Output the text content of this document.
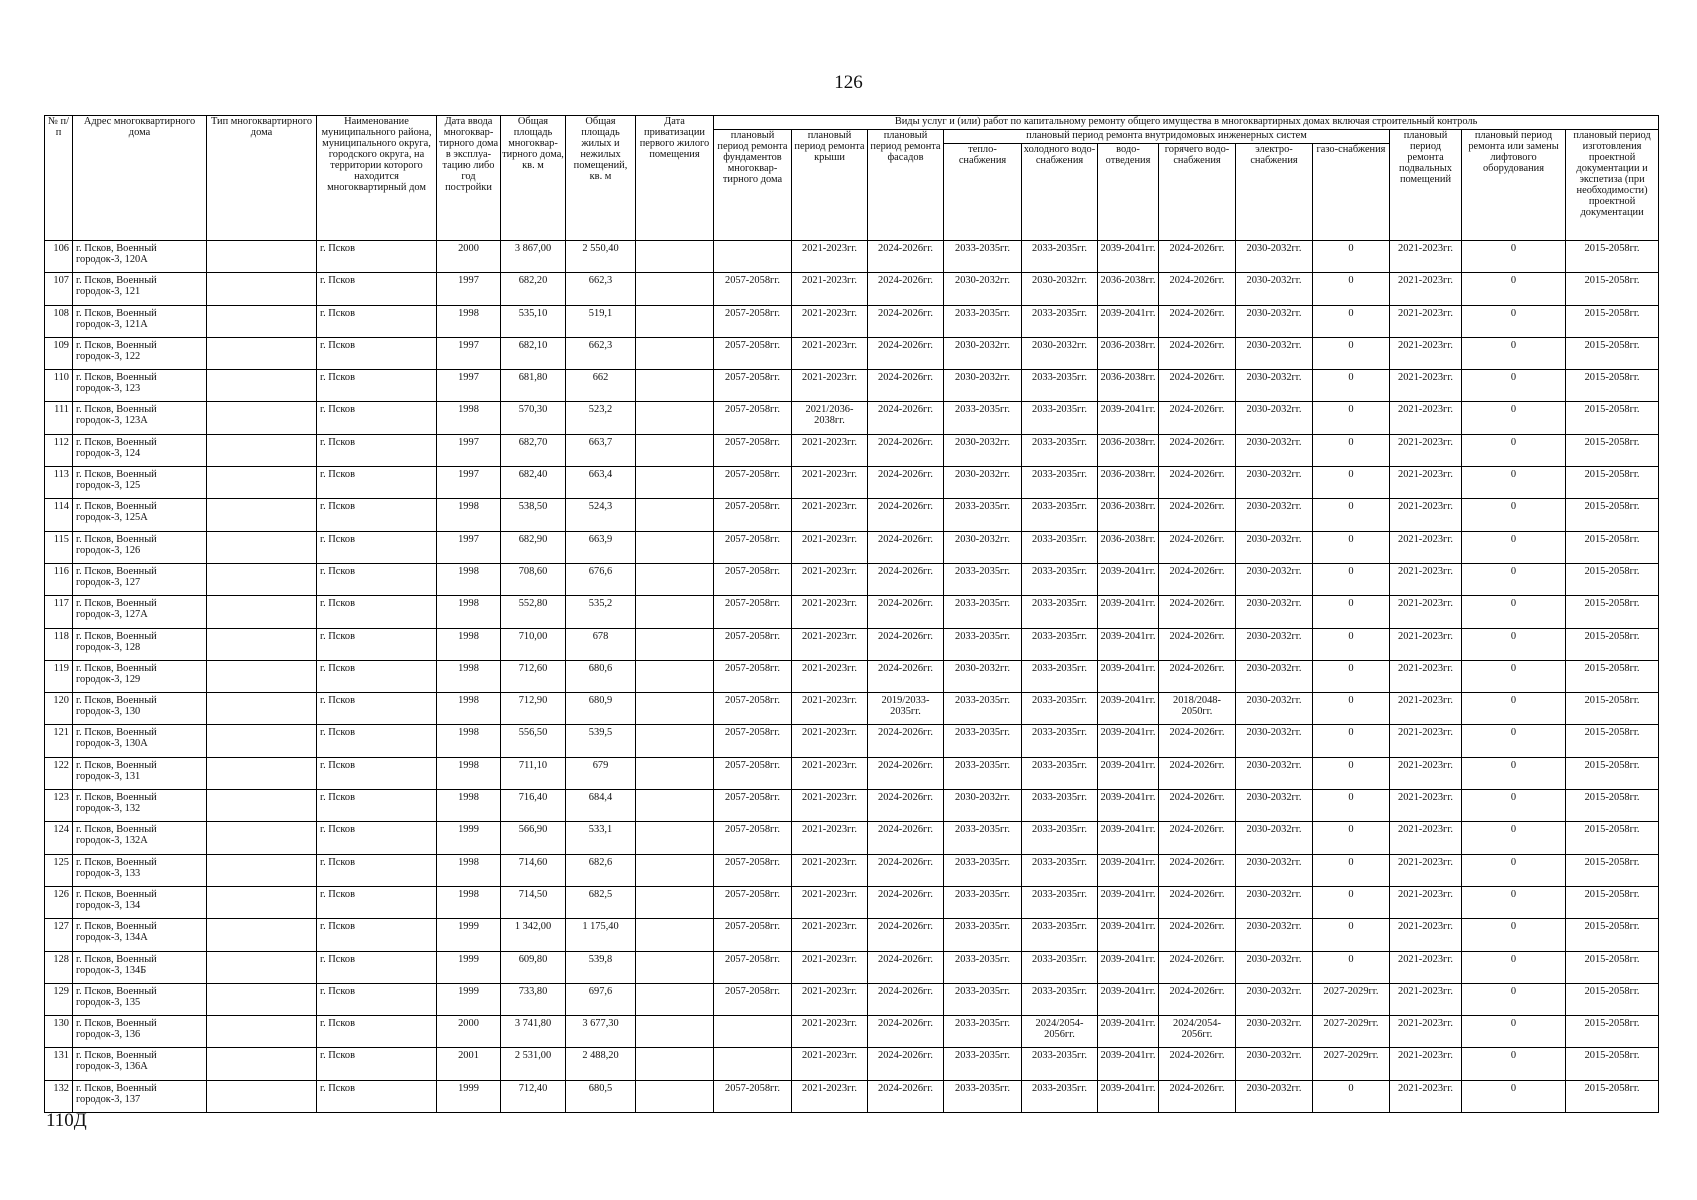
126
№ п/п	Адрес многоквартирного дома	Тип многоквартирного дома	Наименование муниципального района, муниципального округа, городского округа, на территории которого находится многоквартирный дом	Дата ввода многоквар-тирного дома в эксплуа-тацию либо год постройки	Общая площадь многоквар-тирного дома, кв. м	Общая площадь жилых и нежилых помещений, кв. м	Дата приватизации первого жилого помещения	Виды услуг и (или) работ по капитальному ремонту общего имущества в многоквартирных домах включая строительный контроль											
								плановый период ремонта фундаментов многоквар-тирного дома	плановый период ремонта крыши	плановый период ремонта фасадов	плановый период ремонта внутридомовых инженерных систем						плановый период ремонта подвальных помещений	плановый период ремонта или замены лифтового оборудования	плановый период изготовления проектной документации и экспетиза (при необходимости) проектной документации
											тепло-снабжения	холодного водо-снабжения	водо-отведения	горячего водо-снабжения	электро-снабжения	газо-снабжения			
106	г. Псков, Военный городок-3, 120А		г. Псков	2000	3 867,00	2 550,40			2021-2023гг.	2024-2026гг.	2033-2035гг.	2033-2035гг.	2039-2041гг.	2024-2026гг.	2030-2032гг.	0	2021-2023гг.	0	2015-2058гг.
107	г. Псков, Военный городок-3, 121		г. Псков	1997	682,20	662,3		2057-2058гг.	2021-2023гг.	2024-2026гг.	2030-2032гг.	2030-2032гг.	2036-2038гг.	2024-2026гг.	2030-2032гг.	0	2021-2023гг.	0	2015-2058гг.
108	г. Псков, Военный городок-3, 121А		г. Псков	1998	535,10	519,1		2057-2058гг.	2021-2023гг.	2024-2026гг.	2033-2035гг.	2033-2035гг.	2039-2041гг.	2024-2026гг.	2030-2032гг.	0	2021-2023гг.	0	2015-2058гг.
109	г. Псков, Военный городок-3, 122		г. Псков	1997	682,10	662,3		2057-2058гг.	2021-2023гг.	2024-2026гг.	2030-2032гг.	2030-2032гг.	2036-2038гг.	2024-2026гг.	2030-2032гг.	0	2021-2023гг.	0	2015-2058гг.
110	г. Псков, Военный городок-3, 123		г. Псков	1997	681,80	662		2057-2058гг.	2021-2023гг.	2024-2026гг.	2030-2032гг.	2033-2035гг.	2036-2038гг.	2024-2026гг.	2030-2032гг.	0	2021-2023гг.	0	2015-2058гг.
111	г. Псков, Военный городок-3, 123А		г. Псков	1998	570,30	523,2		2057-2058гг.	2021/2036-2038гг.	2024-2026гг.	2033-2035гг.	2033-2035гг.	2039-2041гг.	2024-2026гг.	2030-2032гг.	0	2021-2023гг.	0	2015-2058гг.
112	г. Псков, Военный городок-3, 124		г. Псков	1997	682,70	663,7		2057-2058гг.	2021-2023гг.	2024-2026гг.	2030-2032гг.	2033-2035гг.	2036-2038гг.	2024-2026гг.	2030-2032гг.	0	2021-2023гг.	0	2015-2058гг.
113	г. Псков, Военный городок-3, 125		г. Псков	1997	682,40	663,4		2057-2058гг.	2021-2023гг.	2024-2026гг.	2030-2032гг.	2033-2035гг.	2036-2038гг.	2024-2026гг.	2030-2032гг.	0	2021-2023гг.	0	2015-2058гг.
114	г. Псков, Военный городок-3, 125А		г. Псков	1998	538,50	524,3		2057-2058гг.	2021-2023гг.	2024-2026гг.	2033-2035гг.	2033-2035гг.	2036-2038гг.	2024-2026гг.	2030-2032гг.	0	2021-2023гг.	0	2015-2058гг.
115	г. Псков, Военный городок-3, 126		г. Псков	1997	682,90	663,9		2057-2058гг.	2021-2023гг.	2024-2026гг.	2030-2032гг.	2033-2035гг.	2036-2038гг.	2024-2026гг.	2030-2032гг.	0	2021-2023гг.	0	2015-2058гг.
116	г. Псков, Военный городок-3, 127		г. Псков	1998	708,60	676,6		2057-2058гг.	2021-2023гг.	2024-2026гг.	2033-2035гг.	2033-2035гг.	2039-2041гг.	2024-2026гг.	2030-2032гг.	0	2021-2023гг.	0	2015-2058гг.
117	г. Псков, Военный городок-3, 127А		г. Псков	1998	552,80	535,2		2057-2058гг.	2021-2023гг.	2024-2026гг.	2033-2035гг.	2033-2035гг.	2039-2041гг.	2024-2026гг.	2030-2032гг.	0	2021-2023гг.	0	2015-2058гг.
118	г. Псков, Военный городок-3, 128		г. Псков	1998	710,00	678		2057-2058гг.	2021-2023гг.	2024-2026гг.	2033-2035гг.	2033-2035гг.	2039-2041гг.	2024-2026гг.	2030-2032гг.	0	2021-2023гг.	0	2015-2058гг.
119	г. Псков, Военный городок-3, 129		г. Псков	1998	712,60	680,6		2057-2058гг.	2021-2023гг.	2024-2026гг.	2030-2032гг.	2033-2035гг.	2039-2041гг.	2024-2026гг.	2030-2032гг.	0	2021-2023гг.	0	2015-2058гг.
120	г. Псков, Военный городок-3, 130		г. Псков	1998	712,90	680,9		2057-2058гг.	2021-2023гг.	2019/2033-2035гг.	2033-2035гг.	2033-2035гг.	2039-2041гг.	2018/2048-2050гг.	2030-2032гг.	0	2021-2023гг.	0	2015-2058гг.
121	г. Псков, Военный городок-3, 130А		г. Псков	1998	556,50	539,5		2057-2058гг.	2021-2023гг.	2024-2026гг.	2033-2035гг.	2033-2035гг.	2039-2041гг.	2024-2026гг.	2030-2032гг.	0	2021-2023гг.	0	2015-2058гг.
122	г. Псков, Военный городок-3, 131		г. Псков	1998	711,10	679		2057-2058гг.	2021-2023гг.	2024-2026гг.	2033-2035гг.	2033-2035гг.	2039-2041гг.	2024-2026гг.	2030-2032гг.	0	2021-2023гг.	0	2015-2058гг.
123	г. Псков, Военный городок-3, 132		г. Псков	1998	716,40	684,4		2057-2058гг.	2021-2023гг.	2024-2026гг.	2030-2032гг.	2033-2035гг.	2039-2041гг.	2024-2026гг.	2030-2032гг.	0	2021-2023гг.	0	2015-2058гг.
124	г. Псков, Военный городок-3, 132А		г. Псков	1999	566,90	533,1		2057-2058гг.	2021-2023гг.	2024-2026гг.	2033-2035гг.	2033-2035гг.	2039-2041гг.	2024-2026гг.	2030-2032гг.	0	2021-2023гг.	0	2015-2058гг.
125	г. Псков, Военный городок-3, 133		г. Псков	1998	714,60	682,6		2057-2058гг.	2021-2023гг.	2024-2026гг.	2033-2035гг.	2033-2035гг.	2039-2041гг.	2024-2026гг.	2030-2032гг.	0	2021-2023гг.	0	2015-2058гг.
126	г. Псков, Военный городок-3, 134		г. Псков	1998	714,50	682,5		2057-2058гг.	2021-2023гг.	2024-2026гг.	2033-2035гг.	2033-2035гг.	2039-2041гг.	2024-2026гг.	2030-2032гг.	0	2021-2023гг.	0	2015-2058гг.
127	г. Псков, Военный городок-3, 134А		г. Псков	1999	1 342,00	1 175,40		2057-2058гг.	2021-2023гг.	2024-2026гг.	2033-2035гг.	2033-2035гг.	2039-2041гг.	2024-2026гг.	2030-2032гг.	0	2021-2023гг.	0	2015-2058гг.
128	г. Псков, Военный городок-3, 134Б		г. Псков	1999	609,80	539,8		2057-2058гг.	2021-2023гг.	2024-2026гг.	2033-2035гг.	2033-2035гг.	2039-2041гг.	2024-2026гг.	2030-2032гг.	0	2021-2023гг.	0	2015-2058гг.
129	г. Псков, Военный городок-3, 135		г. Псков	1999	733,80	697,6		2057-2058гг.	2021-2023гг.	2024-2026гг.	2033-2035гг.	2033-2035гг.	2039-2041гг.	2024-2026гг.	2030-2032гг.	2027-2029гг.	2021-2023гг.	0	2015-2058гг.
130	г. Псков, Военный городок-3, 136		г. Псков	2000	3 741,80	3 677,30			2021-2023гг.	2024-2026гг.	2033-2035гг.	2024/2054-2056гг.	2039-2041гг.	2024/2054-2056гг.	2030-2032гг.	2027-2029гг.	2021-2023гг.	0	2015-2058гг.
131	г. Псков, Военный городок-3, 136А		г. Псков	2001	2 531,00	2 488,20			2021-2023гг.	2024-2026гг.	2033-2035гг.	2033-2035гг.	2039-2041гг.	2024-2026гг.	2030-2032гг.	2027-2029гг.	2021-2023гг.	0	2015-2058гг.
132	г. Псков, Военный городок-3, 137		г. Псков	1999	712,40	680,5		2057-2058гг.	2021-2023гг.	2024-2026гг.	2033-2035гг.	2033-2035гг.	2039-2041гг.	2024-2026гг.	2030-2032гг.	0	2021-2023гг.	0	2015-2058гг.
110Д
